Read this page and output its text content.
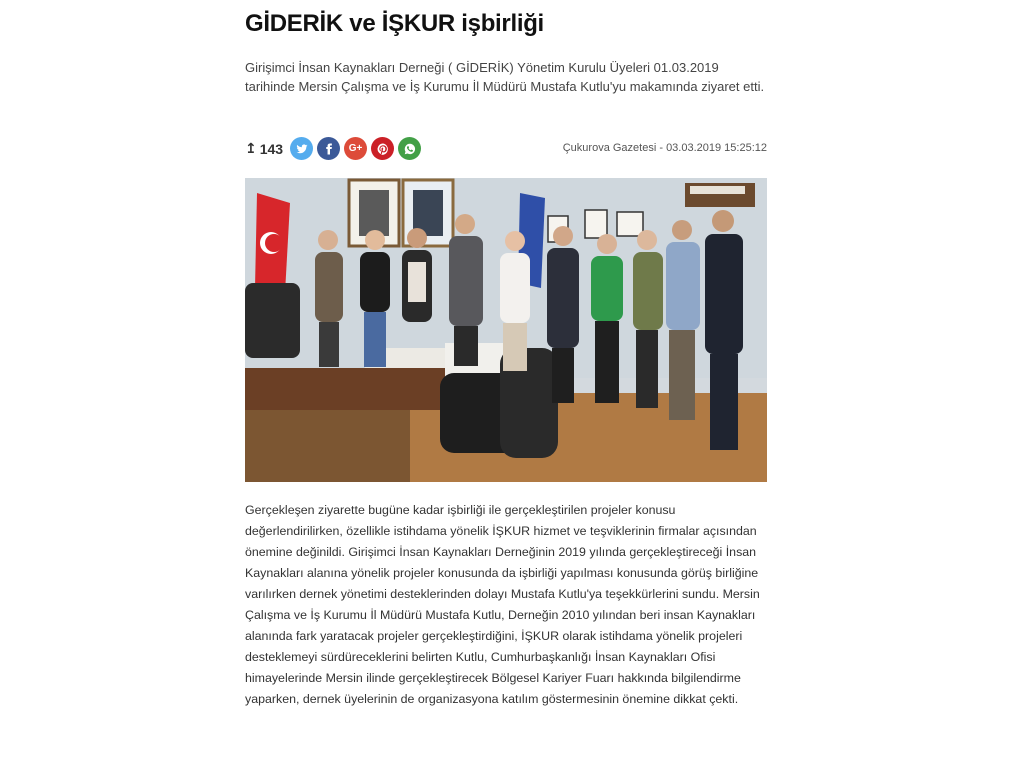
GİDERİK ve İŞKUR işbirliği

Girişimci İnsan Kaynakları Derneği ( GİDERİK) Yönetim Kurulu Üyeleri 01.03.2019 tarihinde Mersin Çalışma ve İş Kurumu İl Müdürü Mustafa Kutlu'yu makamında ziyaret etti.

↥ 143	G+	Çukurova Gazetesi - 03.03.2019 15:25:12

Gerçekleşen ziyarette bugüne kadar işbirliği ile gerçekleştirilen projeler konusu değerlendirilirken, özellikle istihdama yönelik İŞKUR hizmet ve teşviklerinin firmalar açısından önemine değinildi. Girişimci İnsan Kaynakları Derneğinin 2019 yılında gerçekleştireceği İnsan Kaynakları alanına yönelik projeler konusunda da işbirliği yapılması konusunda görüş birliğine varılırken dernek yönetimi desteklerinden dolayı Mustafa Kutlu'ya teşekkürlerini sundu. Mersin Çalışma ve İş Kurumu İl Müdürü Mustafa Kutlu, Derneğin 2010 yılından beri insan Kaynakları alanında fark yaratacak projeler gerçekleştirdiğini, İŞKUR olarak istihdama yönelik projeleri desteklemeyi sürdüreceklerini belirten Kutlu, Cumhurbaşkanlığı İnsan Kaynakları Ofisi himayelerinde Mersin ilinde gerçekleştirecek Bölgesel Kariyer Fuarı hakkında bilgilendirme yaparken, dernek üyelerinin de organizasyona katılım göstermesinin önemine dikkat çekti.
